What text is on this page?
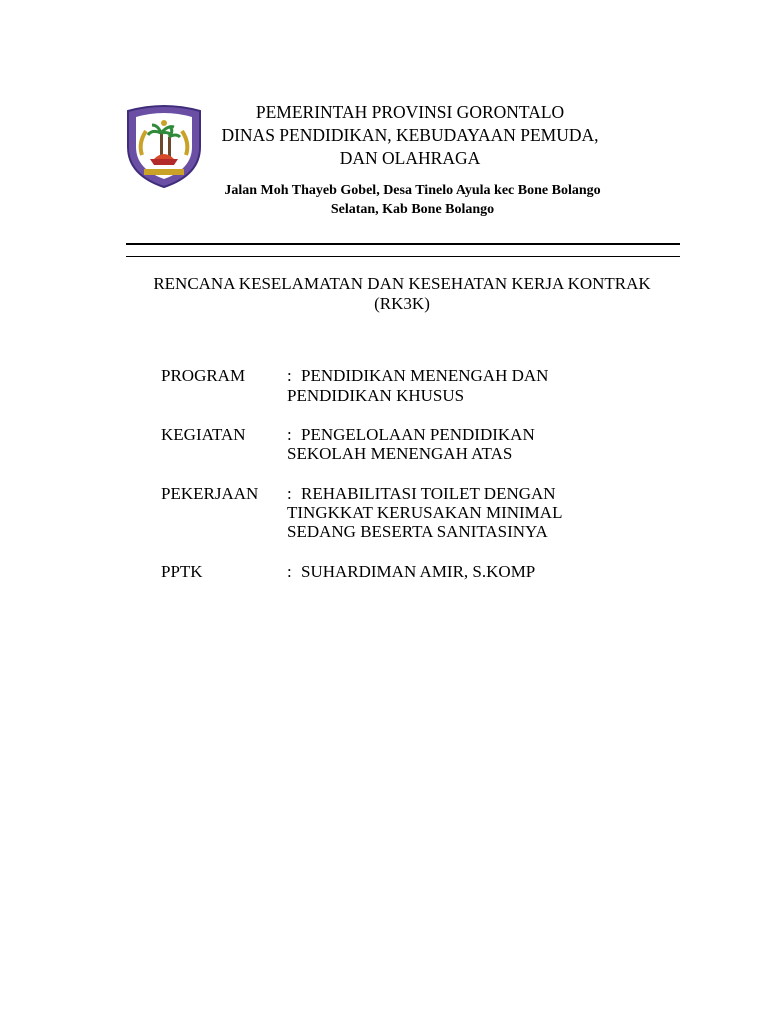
PEMERINTAH PROVINSI GORONTALO
DINAS PENDIDIKAN, KEBUDAYAAN PEMUDA,
DAN OLAHRAGA
Jalan Moh Thayeb Gobel, Desa Tinelo Ayula kec Bone Bolango
Selatan, Kab Bone Bolango
RENCANA KESELAMATAN DAN KESEHATAN KERJA KONTRAK
(RK3K)
PROGRAM : PENDIDIKAN MENENGAH DAN
PENDIDIKAN KHUSUS
KEGIATAN : PENGELOLAAN PENDIDIKAN
SEKOLAH MENENGAH ATAS
PEKERJAAN : REHABILITASI TOILET DENGAN
TINGKKAT KERUSAKAN MINIMAL
SEDANG BESERTA SANITASINYA
PPTK	: SUHARDIMAN AMIR, S.KOMP
